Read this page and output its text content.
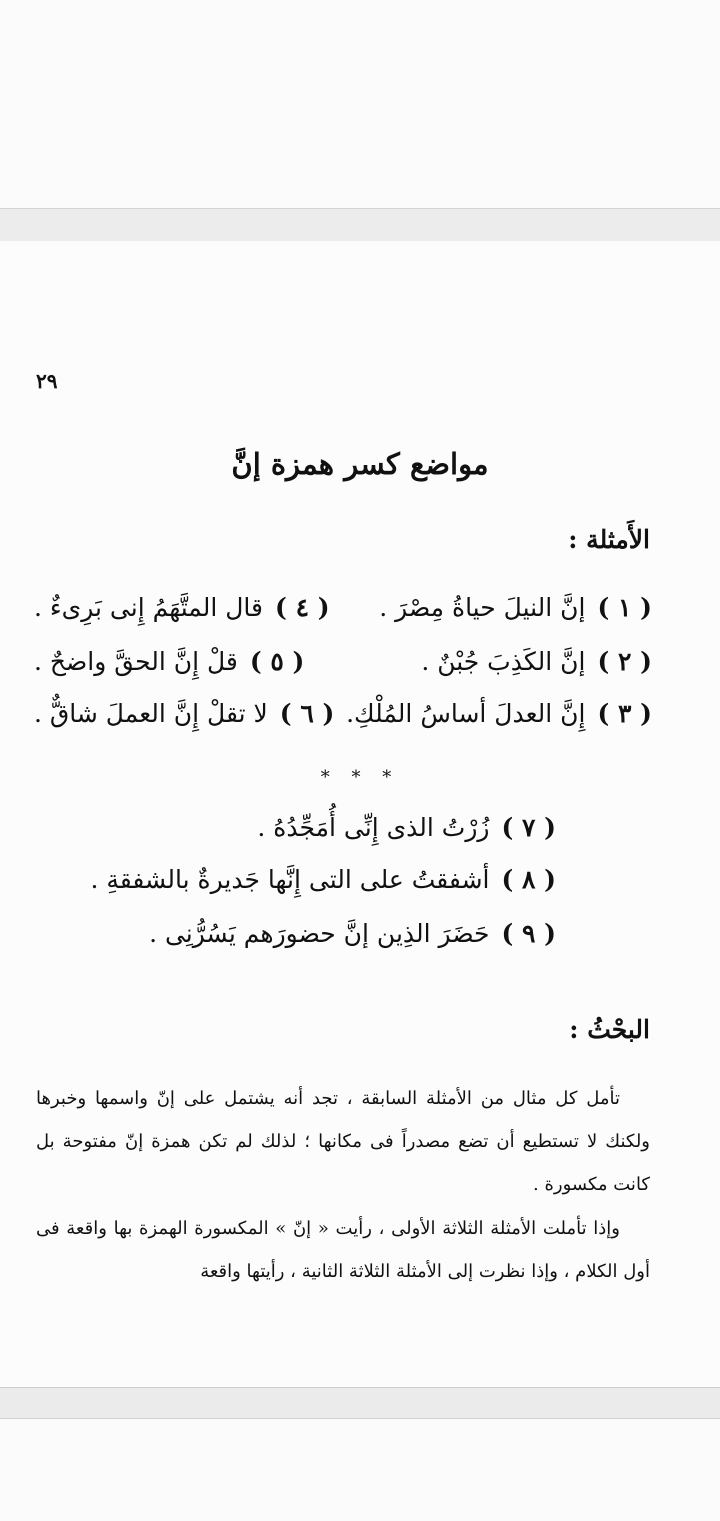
٢٩
مواضع كسر همزة إنَّ
الأَمثلة :
( ١ )
إنَّ النيلَ حياةُ مِصْرَ .
( ٤ )
قال المتَّهَمُ إِنى بَرِىءٌ .
( ٢ )
إنَّ الكَذِبَ جُبْنٌ .
( ٥ )
قلْ إِنَّ الحقَّ واضحٌ .
( ٣ )
إِنَّ العدلَ أساسُ المُلْكِ.
( ٦ )
لا تقلْ إِنَّ العملَ شاقٌّ .
* * *
( ٧ )
زُرْتُ الذى إِنِّى أُمَجِّدُهُ .
( ٨ )
أشفقتُ على التى إِنَّها جَديرةٌ بالشفقةِ .
( ٩ )
حَضَرَ الذِين إنَّ حضورَهم يَسُرُّنِى .
البحْثُ :

تأمل كل مثال من الأمثلة السابقة ، تجد أنه يشتمل على إنّ واسمها وخبرها ولكنك لا تستطيع أن تضع مصدراً فى مكانها ؛ لذلك لم تكن همزة إنّ مفتوحة بل كانت مكسورة .

وإذا تأملت الأمثلة الثلاثة الأولى ، رأيت « إنّ » المكسورة الهمزة بها واقعة فى أول الكلام ، وإذا نظرت إلى الأمثلة الثلاثة الثانية ، رأيتها واقعة
